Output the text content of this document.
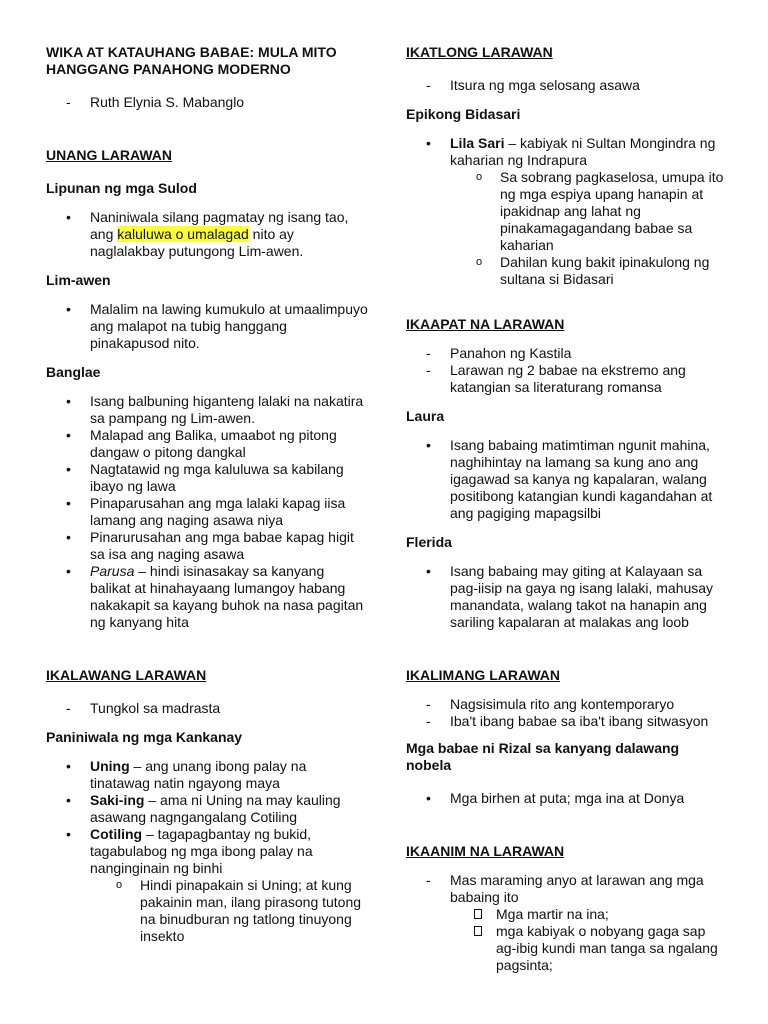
WIKA AT KATAUHANG BABAE: MULA MITO HANGGANG PANAHONG MODERNO
- Ruth Elynia S. Mabanglo
UNANG LARAWAN
Lipunan ng mga Sulod
• Naniniwala silang pagmatay ng isang tao, ang kaluluwa o umalagad nito ay naglalakbay putungong Lim-awen.
Lim-awen
• Malalim na lawing kumukulo at umaalimpuyo ang malapot na tubig hanggang pinakapusod nito.
Banglae
• Isang balbuning higanteng lalaki na nakatira sa pampang ng Lim-awen.
• Malapad ang Balika, umaabot ng pitong dangaw o pitong dangkal
• Nagtatawid ng mga kaluluwa sa kabilang ibayo ng lawa
• Pinaparusahan ang mga lalaki kapag iisa lamang ang naging asawa niya
• Pinarurusahan ang mga babae kapag higit sa isa ang naging asawa
• Parusa – hindi isinasakay sa kanyang balikat at hinahayaang lumangoy habang nakakapit sa kayang buhok na nasa pagitan ng kanyang hita
IKALAWANG LARAWAN
- Tungkol sa madrasta
Paniniwala ng mga Kankanay
• Uning – ang unang ibong palay na tinatawag natin ngayong maya
• Saki-ing – ama ni Uning na may kauling asawang nagngangalang Cotiling
• Cotiling – tagapagbantay ng bukid, tagabulabog ng mga ibong palay na nanginginain ng binhi
o Hindi pinapakain si Uning; at kung pakainin man, ilang pirasong tutong na binudburan ng tatlong tinuyong insekto
IKATLONG LARAWAN
- Itsura ng mga selosang asawa
Epikong Bidasari
• Lila Sari – kabiyak ni Sultan Mongindra ng kaharian ng Indrapura
o Sa sobrang pagkaselosa, umupa ito ng mga espiya upang hanapin at ipakidnap ang lahat ng pinakamagagandang babae sa kaharian
o Dahilan kung bakit ipinakulong ng sultana si Bidasari
IKAAPAT NA LARAWAN
- Panahon ng Kastila
- Larawan ng 2 babae na ekstremo ang katangian sa literaturang romansa
Laura
• Isang babaing matimtiman ngunit mahina, naghihintay na lamang sa kung ano ang igagawad sa kanya ng kapalaran, walang positibong katangian kundi kagandahan at ang pagiging mapagsilbi
Flerida
• Isang babaing may giting at Kalayaan sa pag-iisip na gaya ng isang lalaki, mahusay manandata, walang takot na hanapin ang sariling kapalaran at malakas ang loob
IKALIMANG LARAWAN
- Nagsisimula rito ang kontemporaryo
- Iba't ibang babae sa iba't ibang sitwasyon
Mga babae ni Rizal sa kanyang dalawang nobela
• Mga birhen at puta; mga ina at Donya
IKAANIM NA LARAWAN
- Mas maraming anyo at larawan ang mga babaing ito
Mga martir na ina;
mga kabiyak o nobyang gaga sap ag-ibig kundi man tanga sa ngalang pagsinta;
